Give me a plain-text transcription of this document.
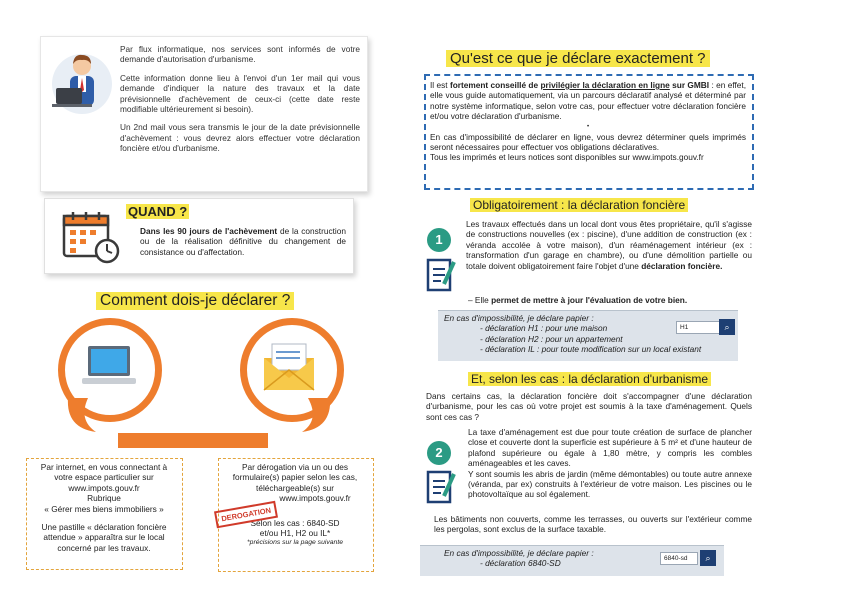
Par flux informatique, nos services sont informés de votre demande d'autorisation d'urbanisme.

Cette information donne lieu à l'envoi d'un 1er mail qui vous demande d'indiquer la nature des travaux et la date prévisionnelle d'achèvement de ceux-ci (cette date reste modifiable ultérieurement si besoin).

Un 2nd mail vous sera transmis le jour de la date prévisionnelle d'achèvement : vous devrez alors effectuer votre déclaration foncière et/ou d'urbanisme.

QUAND ?
Dans les 90 jours de l'achèvement de la construction ou de la réalisation définitive du changement de consistance ou d'affectation.
Comment dois-je déclarer ?

Par internet, en vous connectant à

votre espace particulier sur

www.impots.gouv.fr

Rubrique

« Gérer mes biens immobiliers »

Une pastille « déclaration foncière

attendue » apparaîtra sur le local

concerné par les travaux.

Par dérogation via un ou des

formulaire(s) papier selon les cas,

téléchargeable(s) sur

www.impots.gouv.fr

Selon les cas : 6840-SD

et/ou H1, H2 ou IL*

*précisions sur la page suivante

DEROGATION
Qu'est ce que je déclare exactement ?

Il est fortement conseillé de privilégier la déclaration en ligne sur GMBI : en effet, elle vous guide automatiquement, via un parcours déclaratif analysé et déterminé par notre système informatique, selon votre cas, pour effectuer votre déclaration foncière et/ou votre déclaration d'urbanisme.

•

En cas d'impossibilité de déclarer en ligne, vous devrez déterminer quels imprimés seront nécessaires pour effectuer vos obligations déclaratives.

Tous les imprimés et leurs notices sont disponibles sur www.impots.gouv.fr

Obligatoirement : la déclaration foncière
1
Les travaux effectués dans un local dont vous êtes propriétaire, qu'il s'agisse de constructions nouvelles (ex : piscine), d'une addition de construction (ex : véranda accolée à votre maison), d'un réaménagement intérieur (ex : transformation d'un garage en chambre), ou d'une démolition partielle ou totale doivent obligatoirement faire l'objet d'une déclaration foncière.
– Elle permet de mettre à jour l'évaluation de votre bien.

En cas d'impossibilité, je déclare papier :

- déclaration H1 : pour une maison

- déclaration H2 : pour un appartement

- déclaration IL : pour toute modification sur un local existant

H1	⌕
Et, selon les cas : la déclaration d'urbanisme
Dans certains cas, la déclaration foncière doit s'accompagner d'une déclaration d'urbanisme, pour les cas où votre projet est soumis à la taxe d'aménagement. Quels sont ces cas ?
2

La taxe d'aménagement est due pour toute création de surface de plancher close et couverte dont la superficie est supérieure à 5 m² et d'une hauteur de plafond supérieure ou égale à 1,80 mètre, y compris les combles aménageables et les caves.

Y sont soumis les abris de jardin (même démontables) ou toute autre annexe (véranda, par ex) construits à l'extérieur de votre maison. Les piscines ou le photovoltaïque au sol également.

Les bâtiments non couverts, comme les terrasses, ou ouverts sur l'extérieur comme les pergolas, sont exclus de la surface taxable.

En cas d'impossibilité, je déclare papier :

- déclaration 6840-SD	6840-sd	⌕
